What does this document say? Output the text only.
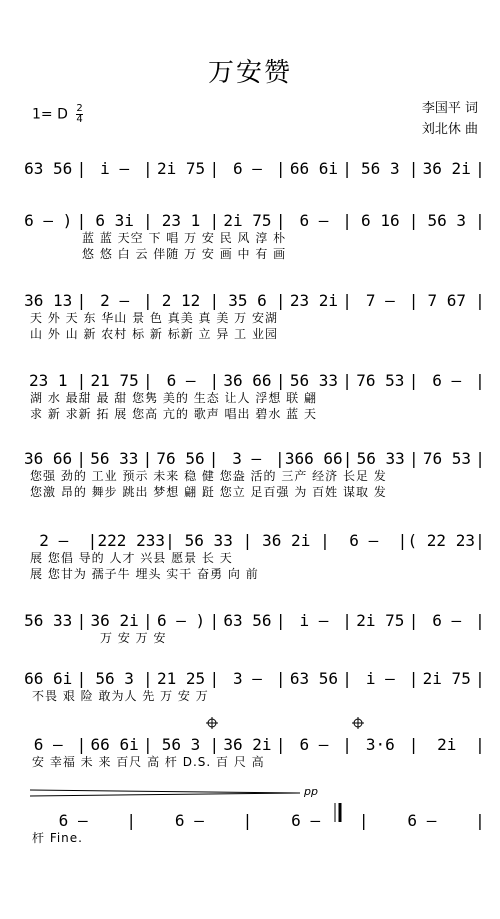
万安赞
1= D $\frac{2}{4}$	李国平 词
刘北休 曲
63 56 | i – | 2i 75 | 6 – | 66 6i | 56 3 | 36 2i |
6 – ) | 6 3i | 23 1 | 2i 75 | 6 – | 6 16 | 56 3 |
蓝 蓝 天空 下 唱 万 安 民 风 淳 朴
悠 悠 白 云 伴随 万 安 画 中 有 画
36 13 | 2 – | 2 12 | 35 6 | 23 2i | 7 – | 7 67 |
天 外 天 东 华山 景 色 真美 真 美 万 安湖
山 外 山 新 农村 标 新 标新 立 异 工 业园
23 1 | 21 75 | 6 – | 36 66 | 56 33 | 76 53 | 6 – |
湖 水 最甜 最 甜 您隽 美的 生态 让人 浮想 联 翩
求 新 求新 拓 展 您高 亢的 歌声 唱出 碧水 蓝 天
36 66 | 56 33 | 76 56 | 3 – | 366 66 | 56 33 | 76 53 |
您强 劲的 工业 预示 未来 稳 健 您盎 活的 三产 经济 长足 发
您激 昂的 舞步 跳出 梦想 翩 跹 您立 足百强 为 百姓 谋取 发
2 –	| 222 233 | 56 33 | 36 2i |	6 –	| ( 22 23 |
展 您倡 导的 人才 兴县 愿景 长 天
展 您甘为 孺子牛 埋头 实干 奋勇 向 前
56 33 | 36 2i | 6 – ) | 63 56 | i – | 2i 75 | 6 – |
万 安 万 安
66 6i | 56 3 | 21 25 | 3 – | 63 56 | i – | 2i 75 |
不畏 艰 险 敢为人 先 万 安 万
6 – | 66 6i | 56 3 | 36 2i | 6 – | 3·6 |	2i	|
安 幸福 未 来 百尺 高 杆 D.S. 百 尺 高
6 –	|	6 –	|	6 –	|	6 –	|
杆 Fine.
pp
